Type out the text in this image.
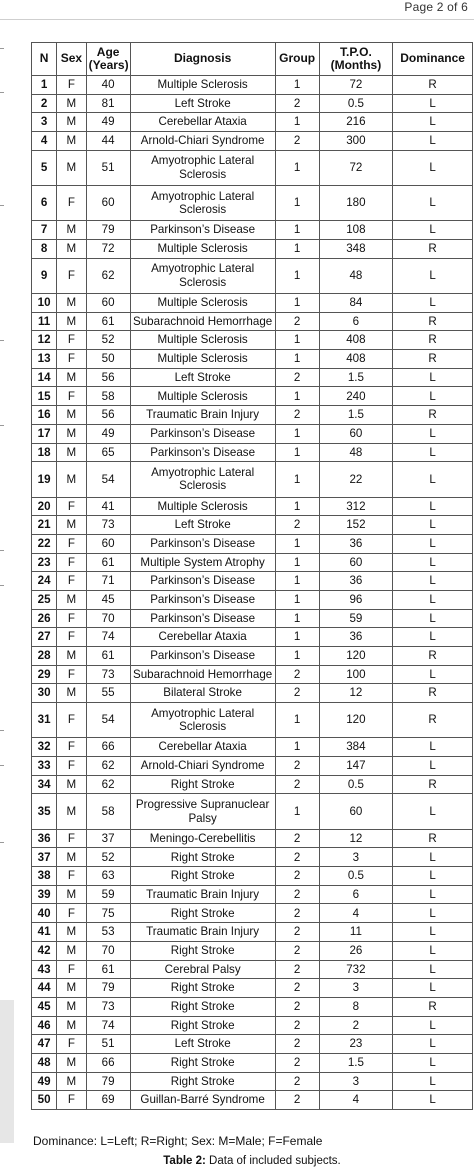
Page 2 of 6
N	Sex	Age (Years)	Diagnosis	Group	T.P.O. (Months)	Dominance
1	F	40	Multiple Sclerosis	1	72	R
2	M	81	Left Stroke	2	0.5	L
3	M	49	Cerebellar Ataxia	1	216	L
4	M	44	Arnold-Chiari Syndrome	2	300	L
5	M	51	Amyotrophic Lateral Sclerosis	1	72	L
6	F	60	Amyotrophic Lateral Sclerosis	1	180	L
7	M	79	Parkinson’s Disease	1	108	L
8	M	72	Multiple Sclerosis	1	348	R
9	F	62	Amyotrophic Lateral Sclerosis	1	48	L
10	M	60	Multiple Sclerosis	1	84	L
11	M	61	Subarachnoid Hemorrhage	2	6	R
12	F	52	Multiple Sclerosis	1	408	R
13	F	50	Multiple Sclerosis	1	408	R
14	M	56	Left Stroke	2	1.5	L
15	F	58	Multiple Sclerosis	1	240	L
16	M	56	Traumatic Brain Injury	2	1.5	R
17	M	49	Parkinson’s Disease	1	60	L
18	M	65	Parkinson’s Disease	1	48	L
19	M	54	Amyotrophic Lateral Sclerosis	1	22	L
20	F	41	Multiple Sclerosis	1	312	L
21	M	73	Left Stroke	2	152	L
22	F	60	Parkinson’s Disease	1	36	L
23	F	61	Multiple System Atrophy	1	60	L
24	F	71	Parkinson’s Disease	1	36	L
25	M	45	Parkinson’s Disease	1	96	L
26	F	70	Parkinson’s Disease	1	59	L
27	F	74	Cerebellar Ataxia	1	36	L
28	M	61	Parkinson’s Disease	1	120	R
29	F	73	Subarachnoid Hemorrhage	2	100	L
30	M	55	Bilateral Stroke	2	12	R
31	F	54	Amyotrophic Lateral Sclerosis	1	120	R
32	F	66	Cerebellar Ataxia	1	384	L
33	F	62	Arnold-Chiari Syndrome	2	147	L
34	M	62	Right Stroke	2	0.5	R
35	M	58	Progressive Supranuclear Palsy	1	60	L
36	F	37	Meningo-Cerebellitis	2	12	R
37	M	52	Right Stroke	2	3	L
38	F	63	Right Stroke	2	0.5	L
39	M	59	Traumatic Brain Injury	2	6	L
40	F	75	Right Stroke	2	4	L
41	M	53	Traumatic Brain Injury	2	11	L
42	M	70	Right Stroke	2	26	L
43	F	61	Cerebral Palsy	2	732	L
44	M	79	Right Stroke	2	3	L
45	M	73	Right Stroke	2	8	R
46	M	74	Right Stroke	2	2	L
47	F	51	Left Stroke	2	23	L
48	M	66	Right Stroke	2	1.5	L
49	M	79	Right Stroke	2	3	L
50	F	69	Guillan-Barré Syndrome	2	4	L
Dominance: L=Left; R=Right; Sex: M=Male; F=Female
Table 2: Data of included subjects.
